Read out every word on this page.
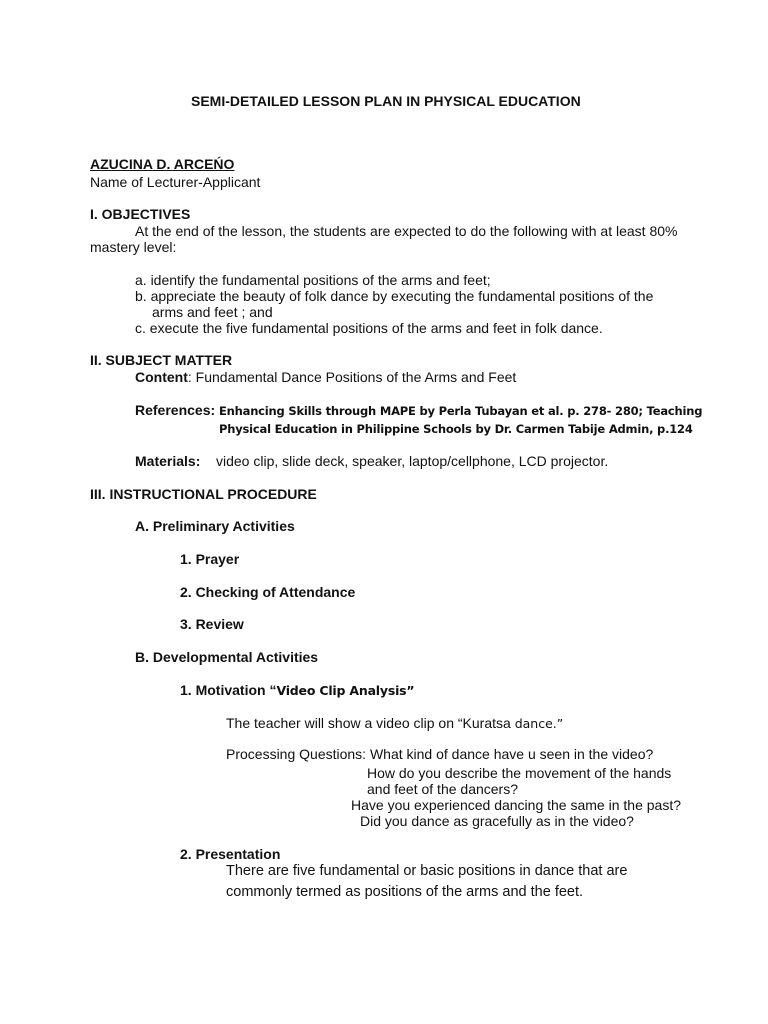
SEMI-DETAILED LESSON PLAN IN PHYSICAL EDUCATION
AZUCINA D. ARCEŃO
Name of Lecturer-Applicant
I. OBJECTIVES
At the end of the lesson, the students are expected to do the following with at least 80%
mastery level:
a. identify the fundamental positions of the arms and feet;
b. appreciate the beauty of folk dance by executing the fundamental positions of the
arms and feet ; and
c. execute the five fundamental positions of the arms and feet in folk dance.
II. SUBJECT MATTER
Content: Fundamental Dance Positions of the Arms and Feet
References: Enhancing Skills through MAPE by Perla Tubayan et al. p. 278- 280; Teaching
Physical Education in Philippine Schools by Dr. Carmen Tabije Admin, p.124
Materials: video clip, slide deck, speaker, laptop/cellphone, LCD projector.
III. INSTRUCTIONAL PROCEDURE
A. Preliminary Activities
1. Prayer
2. Checking of Attendance
3. Review
B. Developmental Activities
1. Motivation “Video Clip Analysis”
The teacher will show a video clip on “Kuratsa dance.”
Processing Questions: What kind of dance have u seen in the video?
How do you describe the movement of the hands
and feet of the dancers?
Have you experienced dancing the same in the past?
Did you dance as gracefully as in the video?
2. Presentation
There are five fundamental or basic positions in dance that are
commonly termed as positions of the arms and the feet.
